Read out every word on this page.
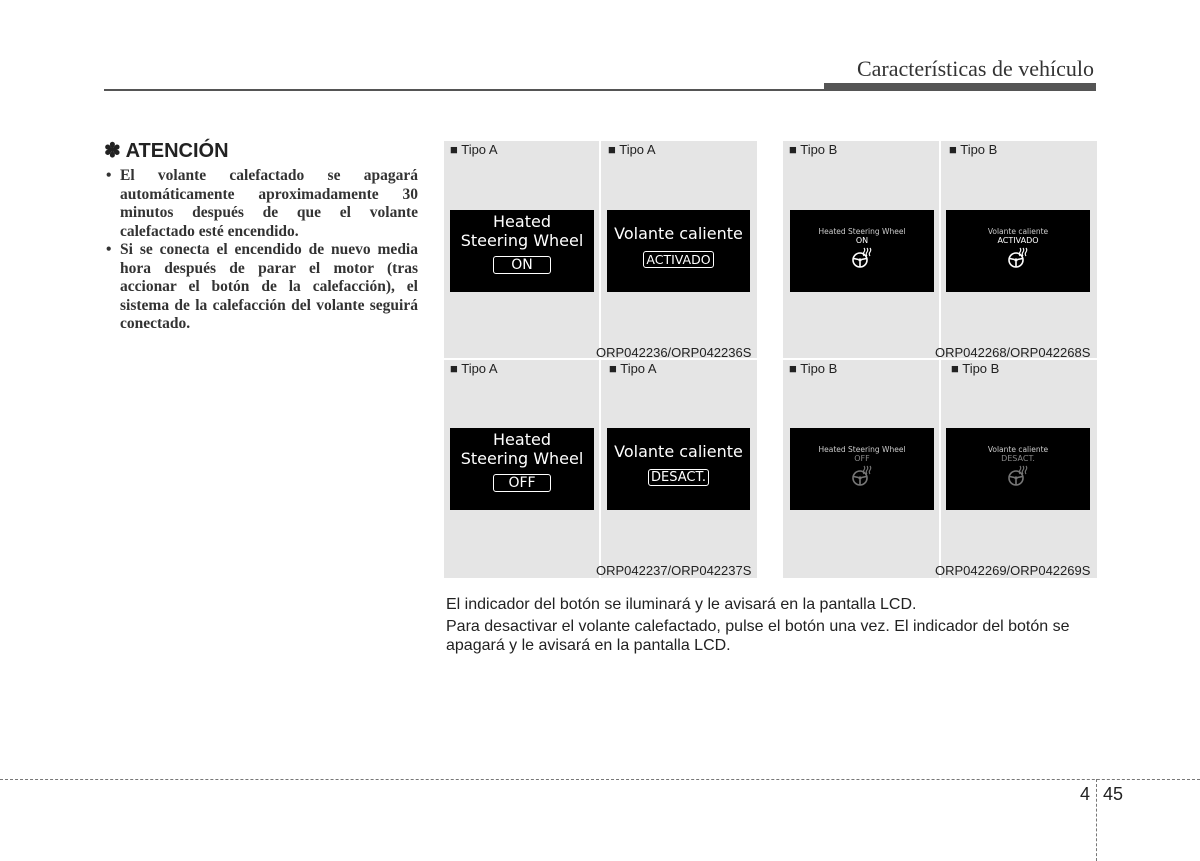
Características de vehículo
✽ ATENCIÓN
• El volante calefactado se apagará automáticamente aproximadamente 30 minutos después de que el volante calefactado esté encendido.
• Si se conecta el encendido de nuevo media hora después de parar el motor (tras accionar el botón de la calefacción), el sistema de la calefacción del volante seguirá conectado.
■ Tipo A	■ Tipo A	■ Tipo B	■ Tipo B
■ Tipo A	■ Tipo A	■ Tipo B	■ Tipo B
ORP042236/ORP042236S	ORP042268/ORP042268S
ORP042237/ORP042237S	ORP042269/ORP042269S
Heated
Steering Wheel
ON
Volante caliente
ACTIVADO
Heated
Steering Wheel
OFF
Volante caliente
DESACT.
Heated Steering Wheel
ON
Volante caliente
ACTIVADO
Heated Steering Wheel
OFF
Volante caliente
DESACT.
El indicador del botón se iluminará y le avisará en la pantalla LCD.
Para desactivar el volante calefactado, pulse el botón una vez. El indicador del botón se apagará y le avisará en la pantalla LCD.
4 45
